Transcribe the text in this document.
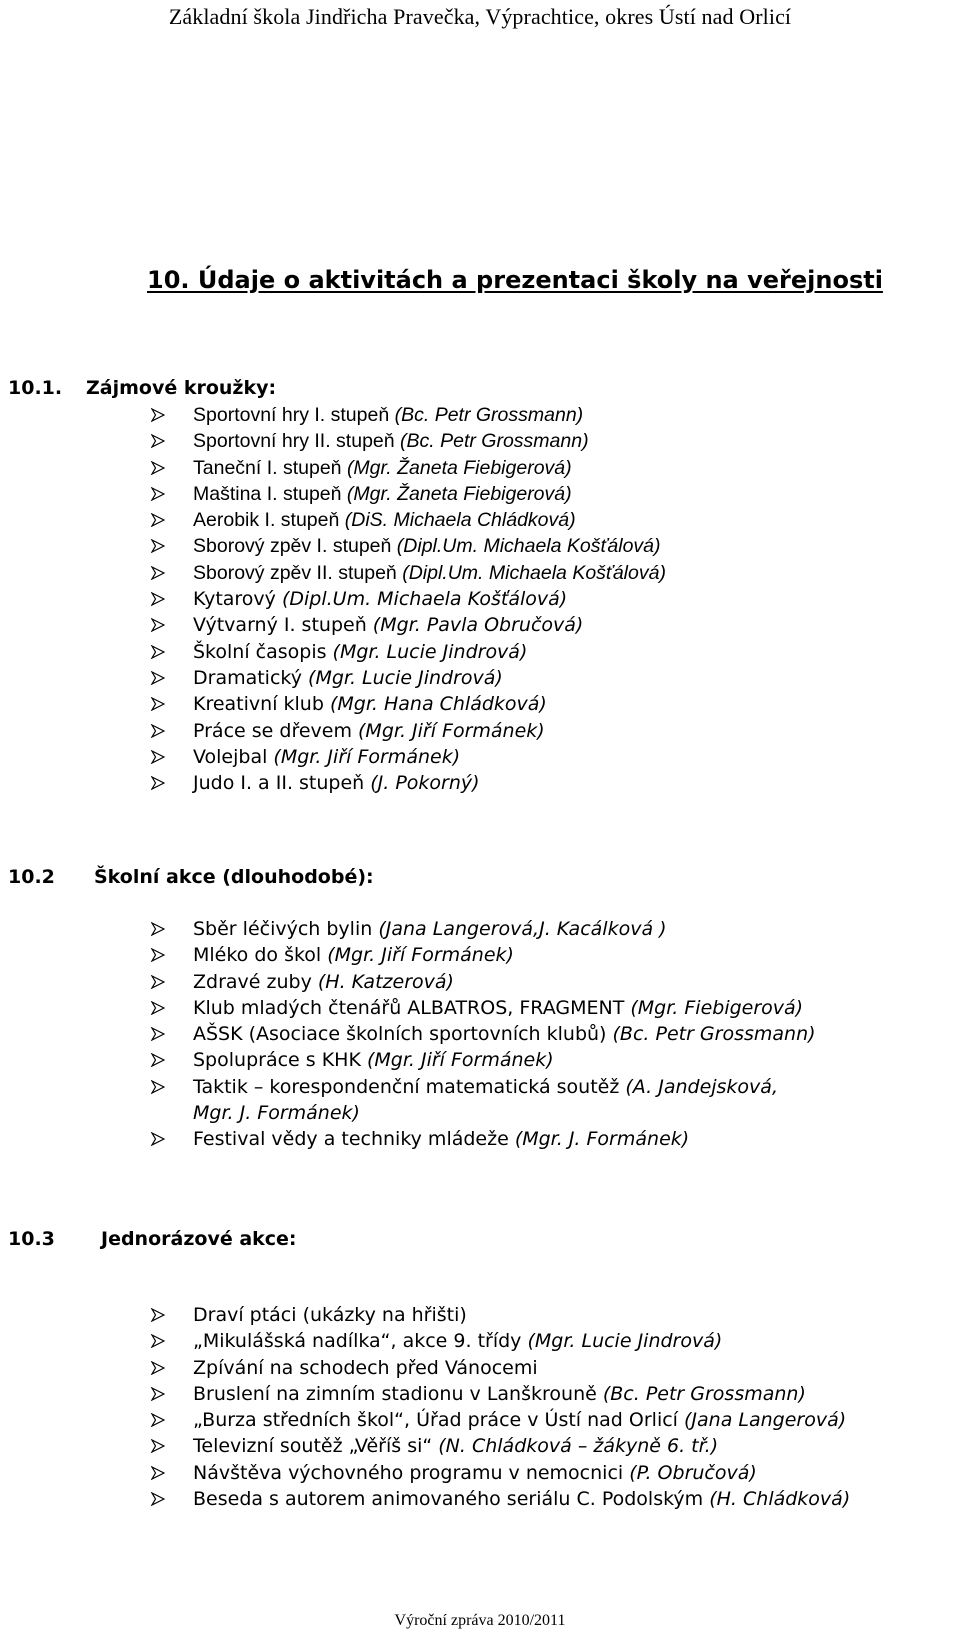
Základní škola Jindřicha Pravečka, Výprachtice, okres Ústí nad Orlicí
10. Údaje o aktivitách a prezentaci školy na veřejnosti
10.1. Zájmové kroužky:
Sportovní hry I. stupeň (Bc. Petr Grossmann)
Sportovní hry II. stupeň (Bc. Petr Grossmann)
Taneční I. stupeň (Mgr. Žaneta Fiebigerová)
Maština I. stupeň (Mgr. Žaneta Fiebigerová)
Aerobik I. stupeň (DiS. Michaela Chládková)
Sborový zpěv I. stupeň (Dipl.Um. Michaela Košťálová)
Sborový zpěv II. stupeň (Dipl.Um. Michaela Košťálová)
Kytarový (Dipl.Um. Michaela Košťálová)
Výtvarný I. stupeň (Mgr. Pavla Obručová)
Školní časopis (Mgr. Lucie Jindrová)
Dramatický (Mgr. Lucie Jindrová)
Kreativní klub (Mgr. Hana Chládková)
Práce se dřevem (Mgr. Jiří Formánek)
Volejbal (Mgr. Jiří Formánek)
Judo I. a II. stupeň (J. Pokorný)
10.2 Školní akce (dlouhodobé):
Sběr léčivých bylin (Jana Langerová,J. Kacálková )
Mléko do škol (Mgr. Jiří Formánek)
Zdravé zuby (H. Katzerová)
Klub mladých čtenářů ALBATROS, FRAGMENT (Mgr. Fiebigerová)
AŠSK (Asociace školních sportovních klubů) (Bc. Petr Grossmann)
Spolupráce s KHK (Mgr. Jiří Formánek)
Taktik – korespondenční matematická soutěž (A. Jandejsková,
Mgr. J. Formánek)
Festival vědy a techniky mládeže (Mgr. J. Formánek)
10.3 Jednorázové akce:
Draví ptáci (ukázky na hřišti)
„Mikulášská nadílka“, akce 9. třídy (Mgr. Lucie Jindrová)
Zpívání na schodech před Vánocemi
Bruslení na zimním stadionu v Lanškrouně (Bc. Petr Grossmann)
„Burza středních škol“, Úřad práce v Ústí nad Orlicí (Jana Langerová)
Televizní soutěž „Věříš si“ (N. Chládková – žákyně 6. tř.)
Návštěva výchovného programu v nemocnici (P. Obručová)
Beseda s autorem animovaného seriálu C. Podolským (H. Chládková)
Výroční zpráva 2010/2011
